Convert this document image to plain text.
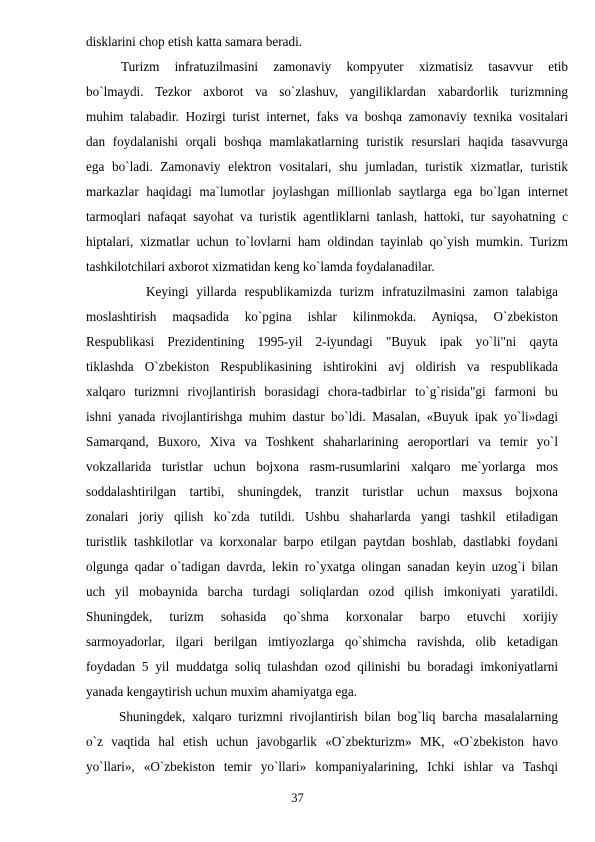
disklarini chop etish katta samara beradi.
Turizm infratuzilmasini zamonaviy kompyuter xizmatisiz tasavvur etib
bo`lmaydi. Tezkor axborot va so`zlashuv, yangiliklardan xabardorlik turizmning
muhim talabadir. Hozirgi turist internet, faks va boshqa zamonaviy texnika vositalari
dan foydalanishi orqali boshqa mamlakatlarning turistik resurslari haqida tasavvurga
ega bo`ladi. Zamonaviy elektron vositalari, shu jumladan, turistik xizmatlar, turistik
markazlar haqidagi ma`lumotlar joylashgan millionlab saytlarga ega bo`lgan internet
tarmoqlari nafaqat sayohat va turistik agentliklarni tanlash, hattoki, tur sayohatning c
hiptalari, xizmatlar uchun to`lovlarni ham oldindan tayinlab qo`yish mumkin. Turizm
tashkilotchilari axborot xizmatidan keng ko`lamda foydalanadilar.
Keyingi yillarda respublikamizda turizm infratuzilmasini zamon talabiga
moslashtirish maqsadida ko`pgina ishlar kilinmokda. Ayniqsa, O`zbekiston
Respublikasi Prezidentining 1995-yil 2-iyundagi "Buyuk ipak yo`li"ni qayta
tiklashda O`zbekiston Respublikasining ishtirokini avj oldirish va respublikada
xalqaro turizmni rivojlantirish borasidagi chora-tadbirlar to`g`risida"gi farmoni bu
ishni yanada rivojlantirishga muhim dastur bo`ldi. Masalan, «Buyuk ipak yo`li»dagi
Samarqand, Buxoro, Xiva va Toshkent shaharlarining aeroportlari va temir yo`l
vokzallarida turistlar uchun bojxona rasm-rusumlarini xalqaro me`yorlarga mos
soddalashtirilgan tartibi, shuningdek, tranzit turistlar uchun maxsus bojxona
zonalari joriy qilish ko`zda tutildi. Ushbu shaharlarda yangi tashkil etiladigan
turistlik tashkilotlar va korxonalar barpo etilgan paytdan boshlab, dastlabki foydani
olgunga qadar o`tadigan davrda, lekin ro`yxatga olingan sanadan keyin uzog`i bilan
uch yil mobaynida barcha turdagi soliqlardan ozod qilish imkoniyati yaratildi.
Shuningdek, turizm sohasida qo`shma korxonalar barpo etuvchi xorijiy
sarmoyadorlar, ilgari berilgan imtiyozlarga qo`shimcha ravishda, olib ketadigan
foydadan 5 yil muddatga soliq tulashdan ozod qilinishi bu boradagi imkoniyatlarni
yanada kengaytirish uchun muxim ahamiyatga ega.
Shuningdek, xalqaro turizmni rivojlantirish bilan bog`liq barcha masalalarning
o`z vaqtida hal etish uchun javobgarlik «O`zbekturizm» MK, «O`zbekiston havo
yo`llari», «O`zbekiston temir yo`llari» kompaniyalarining, Ichki ishlar va Tashqi
37
